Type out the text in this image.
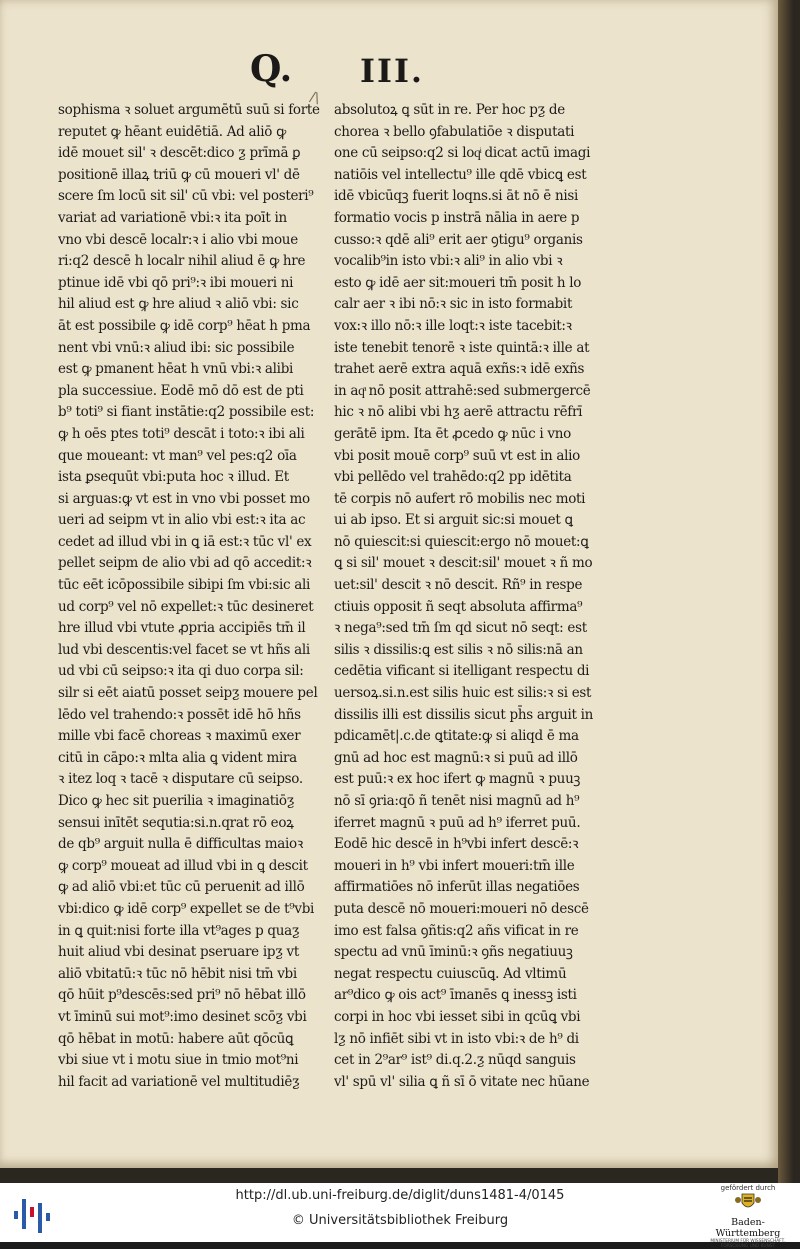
Q. III.
/\
sophisma ꝛ soluet argumētū suū si forte
reputet ꝙ hēant euidētiā. Ad aliō ꝙ
idē mouet sil' ꝛ descēt:dico ƺ prīmā ꝑ
positionē illaꝝ triū ꝙ cū moueri vl' dē
scere ſm locū sit sil' cū vbi: vel posteri⁹
variat ad variationē vbi:ꝛ ita poīt in
vno vbi descē localr:ꝛ i alio vbi moue
ri:q2 descē h localr nihil aliud ē ꝙ hre
ptinue idē vbi qō pri⁹:ꝛ ibi moueri ni
hil aliud est ꝙ hre aliud ꝛ aliō vbi: sic
āt est possibile ꝙ idē corp⁹ hēat h pma
nent vbi vnū:ꝛ aliud ibi: sic possibile
est ꝙ pmanent hēat h vnū vbi:ꝛ alibi
pla successiue. Eodē mō dō est de pti
b⁹ toti⁹ si fiant instātie:q2 possibile est:
ꝙ h oēs ptes toti⁹ descāt i toto:ꝛ ibi ali
que moueant: vt man⁹ vel pes:q2 oīa
ista ꝑsequūt vbi:puta hoc ꝛ illud. Et
si arguas:ꝙ vt est in vno vbi posset mo
ueri ad seipm vt in alio vbi est:ꝛ ita ac
cedet ad illud vbi in ꝗ iā est:ꝛ tūc vl' ex
pellet seipm de alio vbi ad qō accedit:ꝛ
tūc eēt icōpossibile sibipi ſm vbi:sic ali
ud corp⁹ vel nō expellet:ꝛ tūc desineret
hre illud vbi vtute ꝓpria accipiēs tm̄ il
lud vbi descentis:vel facet se vt hñs ali
ud vbi cū seipso:ꝛ ita qi duo corpa sil:
silr si eēt aiatū posset seipƺ mouere pel
lēdo vel trahendo:ꝛ possēt idē hō hñs
mille vbi facē choreas ꝛ maximū exer
citū in cāpo:ꝛ mlta alia ꝗ vident mira
ꝛ itez loq ꝛ tacē ꝛ disputare cū seipso.
Dico ꝙ hec sit puerilia ꝛ imaginatiōƺ
sensui inītēt sequtia:si.n.qrat rō eoꝝ
de qb⁹ arguit nulla ē difficultas maioꝛ
ꝙ corp⁹ moueat ad illud vbi in ꝗ descit
ꝙ ad aliō vbi:et tūc cū peruenit ad illō
vbi:dico ꝙ idē corp⁹ expellet se de t⁹vbi
in ꝗ quit:nisi forte illa vt⁹ages p quaƺ
huit aliud vbi desinat pseruare ipƺ vt
aliō vbitatū:ꝛ tūc nō hēbit nisi tm̄ vbi
qō hūit p⁹descēs:sed pri⁹ nō hēbat illō
vt īminū sui mot⁹:imo desinet scōƺ vbi
qō hēbat in motū: habere aūt qōcūꝗ
vbi siue vt i motu siue in tmio mot⁹ni
hil facit ad variationē vel multitudiēƺ
absolutoꝝ ꝗ sūt in re. Per hoc pƺ de
chorea ꝛ bello ꝯfabulatiōe ꝛ disputati
one cū seipso:q2 si loqͥ dicat actū imagi
natiōis vel intellectu⁹ ille qdē vbicꝗ est
idē vbicūqꝫ fuerit loqns.si āt nō ē nisi
formatio vocis p instrā nālia in aere p
cusso:ꝛ qdē ali⁹ erit aer ꝯtigu⁹ organis
vocalib⁹in isto vbi:ꝛ ali⁹ in alio vbi ꝛ
esto ꝙ idē aer sit:moueri tm̄ posit h lo
calr aer ꝛ ibi nō:ꝛ sic in isto formabit
vox:ꝛ illo nō:ꝛ ille loqt:ꝛ iste tacebit:ꝛ
iste tenebit tenorē ꝛ iste quintā:ꝛ ille at
trahet aerē extra aquā exñs:ꝛ idē exñs
in aqͣ nō posit attrahē:sed submergercē
hic ꝛ nō alibi vbi hƺ aerē attractu rēfrī
gerātē ipm. Ita ēt ꝓcedo ꝙ nūc i vno
vbi posit mouē corp⁹ suū vt est in alio
vbi pellēdo vel trahēdo:q2 pp idētita
tē corpis nō aufert rō mobilis nec moti
ui ab ipso. Et si arguit sic:si mouet ꝗ
nō quiescit:si quiescit:ergo nō mouet:ꝗ
ꝗ si sil' mouet ꝛ descit:sil' mouet ꝛ ñ mo
uet:sil' descit ꝛ nō descit. Rñ⁹ in respe
ctiuis opposit ñ seqt absoluta affirma⁹
ꝛ nega⁹:sed tm̄ ſm qd sicut nō seqt: est
silis ꝛ dissilis:ꝗ est silis ꝛ nō silis:nā an
cedētia vificant si itelligant respectu di
uersoꝝ.si.n.est silis huic est silis:ꝛ si est
dissilis illi est dissilis sicut ph̄s arguit in
pdicamēt|.c.de ꝗtitate:ꝙ si aliqd ē ma
gnū ad hoc est magnū:ꝛ si puū ad illō
est puū:ꝛ ex hoc ifert ꝙ magnū ꝛ puuꝫ
nō sī ꝯria:qō ñ tenēt nisi magnū ad h⁹
iferret magnū ꝛ puū ad h⁹ iferret puū.
Eodē hic descē in h⁹vbi infert descē:ꝛ
moueri in h⁹ vbi infert moueri:tm̄ ille
affirmatiōes nō inferūt illas negatiōes
puta descē nō moueri:moueri nō descē
imo est falsa ꝯñtis:q2 añs vificat in re
spectu ad vnū īminū:ꝛ ꝯñs negatiuuꝫ
negat respectu cuiuscūꝗ. Ad vltimū
ar⁹dico ꝙ ois act⁹ īmanēs ꝗ inessꝫ isti
corpi in hoc vbi iesset sibi in qcūꝗ vbi
lƺ nō infiēt sibi vt in isto vbi:ꝛ de h⁹ di
cet in 2⁹ar⁹ ist⁹ di.q.2.ƺ nūqd sanguis
vl' spū vl' silia ꝗ ñ sī ō vitate nec hūane
http://dl.ub.uni-freiburg.de/diglit/duns1481-4/0145
© Universitätsbibliothek Freiburg
gefördert durch
Baden-Württemberg
MINISTERIUM FÜR WISSENSCHAFT, FORSCHUNG UND KUNST
